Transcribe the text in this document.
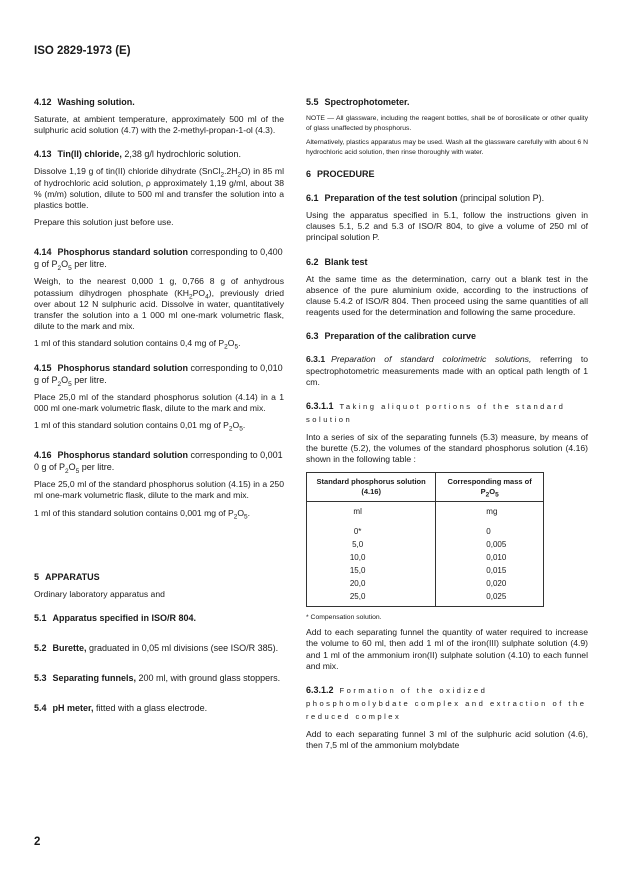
ISO 2829-1973 (E)
4.12 Washing solution.

Saturate, at ambient temperature, approximately 500 ml of the sulphuric acid solution (4.7) with the 2-methyl-propan-1-ol (4.3).

4.13 Tin(II) chloride, 2,38 g/l hydrochloric solution.

Dissolve 1,19 g of tin(II) chloride dihydrate $(SnCl_2.2H_2O)$ in 85 ml of hydrochloric acid solution, ρ approximately 1,19 g/ml, about 38 % (m/m) solution, dilute to 500 ml and transfer the solution into a plastics bottle.

Prepare this solution just before use.

4.14 Phosphorus standard solution corresponding to 0,400 g of $P_2O_5$ per litre.

Weigh, to the nearest 0,000 1 g, 0,766 8 g of anhydrous potassium dihydrogen phosphate $(KH_2PO_4)$, previously dried over about 12 N sulphuric acid. Dissolve in water, quantitatively transfer the solution into a 1 000 ml one-mark volumetric flask, dilute to the mark and mix.

1 ml of this standard solution contains 0,4 mg of $P_2O_5$.

4.15 Phosphorus standard solution corresponding to 0,010 g of $P_2O_5$ per litre.

Place 25,0 ml of the standard phosphorus solution (4.14) in a 1 000 ml one-mark volumetric flask, dilute to the mark and mix.

1 ml of this standard solution contains 0,01 mg of $P_2O_5$.

4.16 Phosphorus standard solution corresponding to 0,001 0 g of $P_2O_5$ per litre.

Place 25,0 ml of the standard phosphorus solution (4.15) in a 250 ml one-mark volumetric flask, dilute to the mark and mix.

1 ml of this standard solution contains 0,001 mg of $P_2O_5$.

5 APPARATUS

Ordinary laboratory apparatus and

5.1 Apparatus specified in ISO/R 804.
5.2 Burette, graduated in 0,05 ml divisions (see ISO/R 385).
5.3 Separating funnels, 200 ml, with ground glass stoppers.
5.4 pH meter, fitted with a glass electrode.
5.5 Spectrophotometer.

NOTE — All glassware, including the reagent bottles, shall be of borosilicate or other quality of glass unaffected by phosphorus.

Alternatively, plastics apparatus may be used. Wash all the glassware carefully with about 6 N hydrochloric acid solution, then rinse thoroughly with water.

6 PROCEDURE
6.1 Preparation of the test solution (principal solution P).

Using the apparatus specified in 5.1, follow the instructions given in clauses 5.1, 5.2 and 5.3 of ISO/R 804, to give a volume of 250 ml of principal solution P.

6.2 Blank test

At the same time as the determination, carry out a blank test in the absence of the pure aluminium oxide, according to the instructions of clause 5.4.2 of ISO/R 804. Then proceed using the same quantities of all reagents used for the determination and following the same procedure.

6.3 Preparation of the calibration curve

6.3.1 Preparation of standard colorimetric solutions, referring to spectrophotometric measurements made with an optical path length of 1 cm.

6.3.1.1 Taking aliquot portions of the standard solution

Into a series of six of the separating funnels (5.3) measure, by means of the burette (5.2), the volumes of the standard phosphorus solution (4.16) shown in the following table :

Standard phosphorus solution (4.16)	Corresponding mass of $P_2O_5$
ml	mg
0*	0
5,0	0,005
10,0	0,010
15,0	0,015
20,0	0,020
25,0	0,025

* Compensation solution.

Add to each separating funnel the quantity of water required to increase the volume to 60 ml, then add 1 ml of the iron(III) sulphate solution (4.9) and 1 ml of the ammonium iron(II) sulphate solution (4.10) to each funnel and mix.

6.3.1.2 Formation of the oxidized phosphomolybdate complex and extraction of the reduced complex

Add to each separating funnel 3 ml of the sulphuric acid solution (4.6), then 7,5 ml of the ammonium molybdate

2
